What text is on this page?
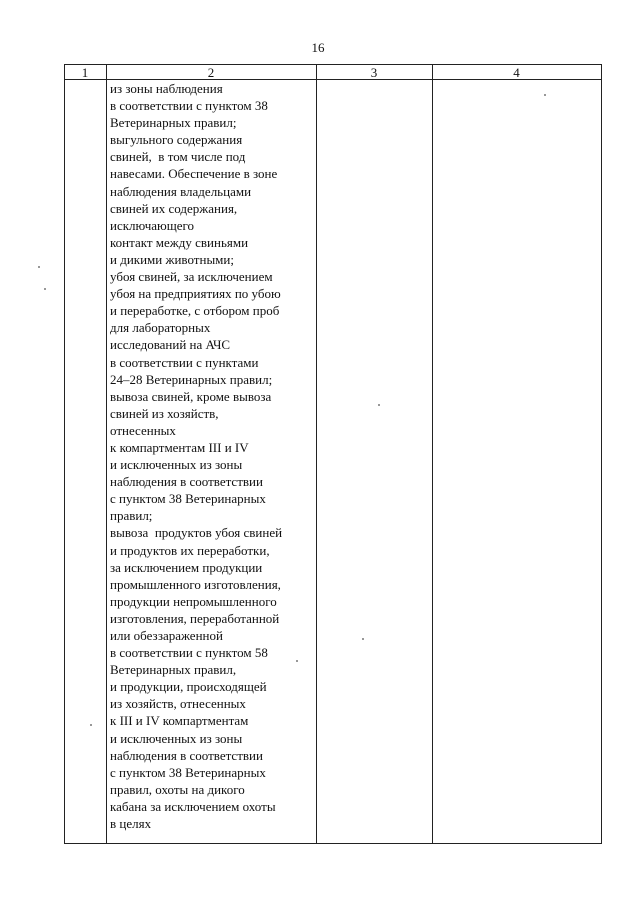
16
1	2	3	4
из зоны наблюдения
в соответствии с пунктом 38
Ветеринарных правил;
выгульного содержания
свиней,  в том числе под
навесами. Обеспечение в зоне
наблюдения владельцами
свиней их содержания,
исключающего
контакт между свиньями
и дикими животными;
убоя свиней, за исключением
убоя на предприятиях по убою
и переработке, с отбором проб
для лабораторных
исследований на АЧС
в соответствии с пунктами
24–28 Ветеринарных правил;
вывоза свиней, кроме вывоза
свиней из хозяйств,
отнесенных
к компартментам III и IV
и исключенных из зоны
наблюдения в соответствии
с пунктом 38 Ветеринарных
правил;
вывоза  продуктов убоя свиней
и продуктов их переработки,
за исключением продукции
промышленного изготовления,
продукции непромышленного
изготовления, переработанной
или обеззараженной
в соответствии с пунктом 58
Ветеринарных правил,
и продукции, происходящей
из хозяйств, отнесенных
к III и IV компартментам
и исключенных из зоны
наблюдения в соответствии
с пунктом 38 Ветеринарных
правил, охоты на дикого
кабана за исключением охоты
в целях
